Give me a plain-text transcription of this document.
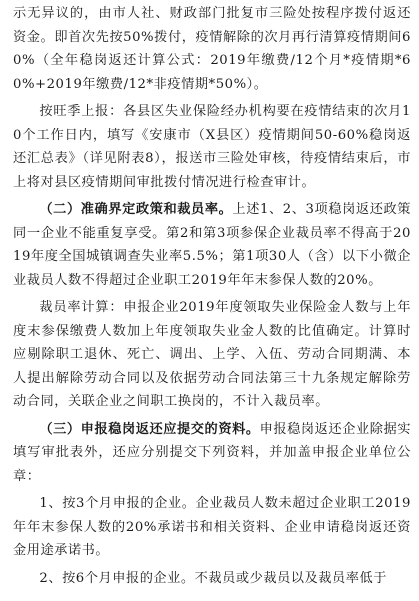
示无异议的，由市人社、财政部门批复市三险处按程序拨付返还资金。即首次先按50%拨付，疫情解除的次月再行清算疫情期间60%（全年稳岗返还计算公式：2019年缴费/12个月*疫情期*60%+2019年缴费/12*非疫情期*50%）。

按旺季上报：各县区失业保险经办机构要在疫情结束的次月10个工作日内，填写《安康市（X县区）疫情期间50-60%稳岗返还汇总表》（详见附表8），报送市三险处审核，待疫情结束后，市上将对县区疫情期间审批拨付情况进行检查审计。

（二）准确界定政策和裁员率。上述1、2、3项稳岗返还政策同一企业不能重复享受。第2和第3项参保企业裁员率不得高于2019年度全国城镇调查失业率5.5%；第1项30人（含）以下小微企业裁员人数不得超过企业职工2019年年末参保人数的20%。

裁员率计算：申报企业2019年度领取失业保险金人数与上年度末参保缴费人数加上年度领取失业金人数的比值确定。计算时应剔除职工退休、死亡、调出、上学、入伍、劳动合同期满、本人提出解除劳动合同以及依据劳动合同法第三十九条规定解除劳动合同，关联企业之间职工换岗的，不计入裁员率。

（三）申报稳岗返还应提交的资料。申报稳岗返还企业除据实填写审批表外，还应分别提交下列资料，并加盖申报企业单位公章：

1、按3个月申报的企业。企业裁员人数未超过企业职工2019年年末参保人数的20%承诺书和相关资料、企业申请稳岗返还资金用途承诺书。

2、按6个月申报的企业。不裁员或少裁员以及裁员率低于
